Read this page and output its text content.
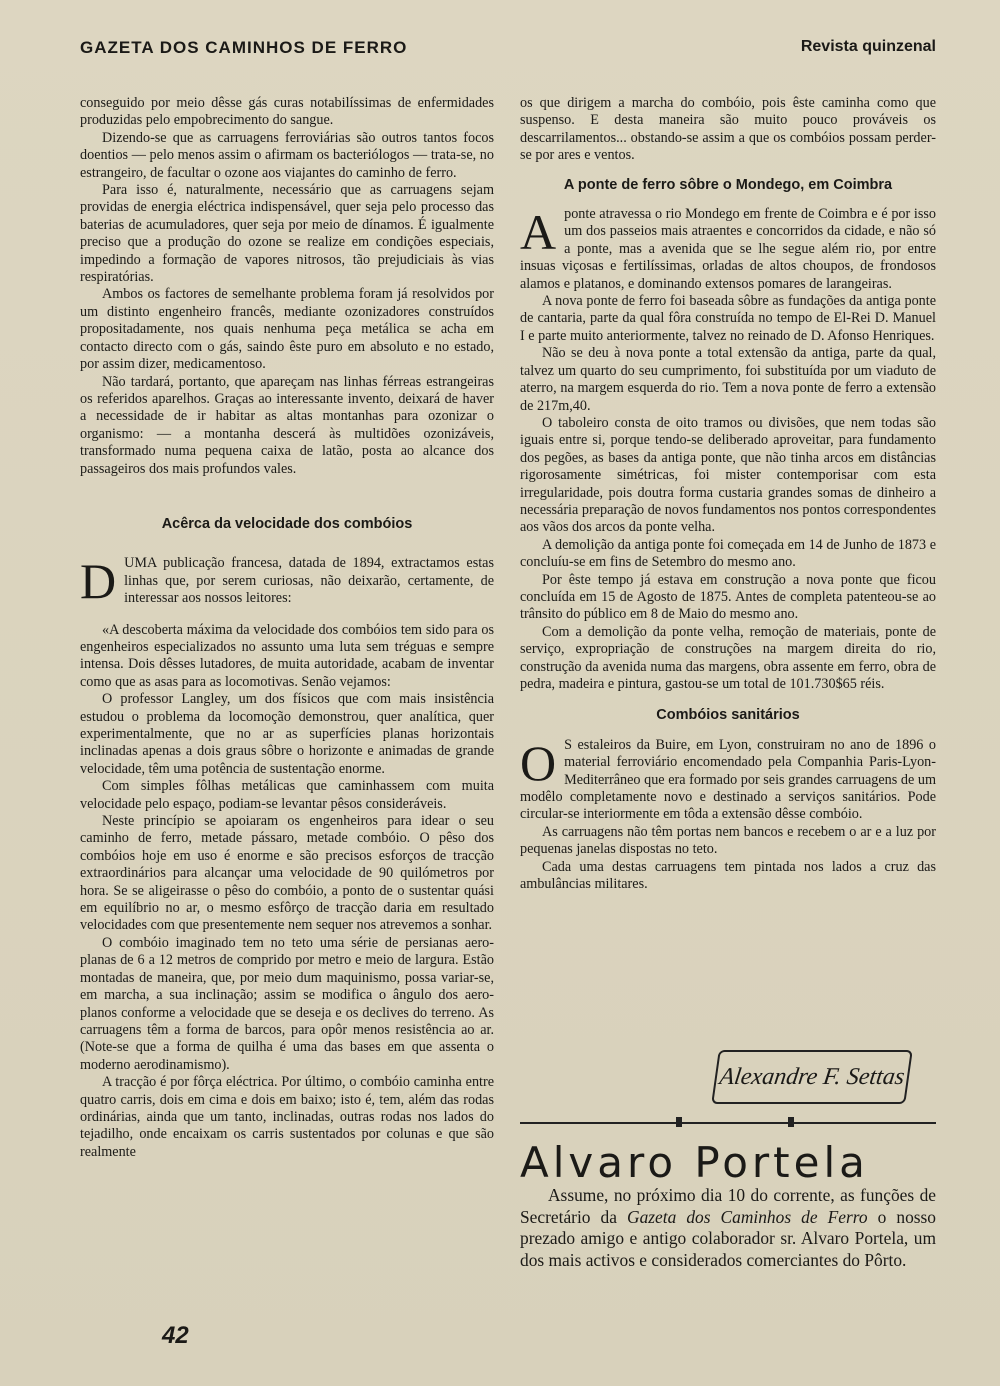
GAZETA DOS CAMINHOS DE FERRO	Revista quinzenal

conseguido por meio dêsse gás curas notabilíssimas de enfermidades produzidas pelo empobrecimento do sangue.

Dizendo-se que as carruagens ferroviárias são outros tantos focos doentios — pelo menos assim o afirmam os bacteriólogos — trata-se, no estrangeiro, de facultar o ozone aos viajantes do caminho de ferro.

Para isso é, naturalmente, necessário que as carruagens sejam providas de energia eléctrica indispensável, quer seja pelo processo das baterias de acumuladores, quer seja por meio de dínamos. É igualmente preciso que a produção do ozone se realize em condições especiais, impedindo a formação de vapores nitrosos, tão prejudiciais às vias respiratórias.

Ambos os factores de semelhante problema foram já resolvidos por um distinto engenheiro francês, mediante ozonizadores construídos propositadamente, nos quais nenhuma peça metálica se acha em contacto directo com o gás, saindo êste puro em absoluto e no estado, por assim dizer, medicamentoso.

Não tardará, portanto, que apareçam nas linhas férreas estrangeiras os referidos aparelhos. Graças ao interessante invento, deixará de haver a necessidade de ir habitar as altas montanhas para ozonizar o organismo: — a montanha descerá às multidões ozonizáveis, transformado numa pequena caixa de latão, posta ao alcance dos passageiros dos mais profundos vales.

Acêrca da velocidade dos combóios
D UMA publicação francesa, datada de 1894, extractamos estas linhas que, por serem curiosas, não deixarão, certamente, de interessar aos nossos leitores:

«A descoberta máxima da velocidade dos combóios tem sido para os engenheiros especializados no assunto uma luta sem tréguas e sempre intensa. Dois dêsses lutadores, de muita autoridade, acabam de inventar como que as asas para as locomotivas. Senão vejamos:

O professor Langley, um dos físicos que com mais insistência estudou o problema da locomoção demonstrou, quer analítica, quer experimentalmente, que no ar as superfícies planas horizontais inclinadas apenas a dois graus sôbre o horizonte e animadas de grande velocidade, têm uma potência de sustentação enorme.

Com simples fôlhas metálicas que caminhassem com muita velocidade pelo espaço, podiam-se levantar pêsos consideráveis.

Neste princípio se apoiaram os engenheiros para idear o seu caminho de ferro, metade pássaro, metade combóio. O pêso dos combóios hoje em uso é enorme e são precisos esforços de tracção extraordinários para alcançar uma velocidade de 90 quilómetros por hora. Se se aligeirasse o pêso do combóio, a ponto de o sustentar quási em equilíbrio no ar, o mesmo esfôrço de tracção daria em resultado velocidades com que presentemente nem sequer nos atrevemos a sonhar.

O combóio imaginado tem no teto uma série de persianas aero-planas de 6 a 12 metros de comprido por metro e meio de largura. Estão montadas de maneira, que, por meio dum maquinismo, possa variar-se, em marcha, a sua inclinação; assim se modifica o ângulo dos aero-planos conforme a velocidade que se deseja e os declives do terreno. As carruagens têm a forma de barcos, para opôr menos resistência ao ar. (Note-se que a forma de quilha é uma das bases em que assenta o moderno aerodinamismo).

A tracção é por fôrça eléctrica. Por último, o combóio caminha entre quatro carris, dois em cima e dois em baixo; isto é, tem, além das rodas ordinárias, ainda que um tanto, inclinadas, outras rodas nos lados do tejadilho, onde encaixam os carris sustentados por colunas e que são realmente

os que dirigem a marcha do combóio, pois êste caminha como que suspenso. E desta maneira são muito pouco prováveis os descarrilamentos... obstando-se assim a que os combóios possam perder-se por ares e ventos.

A ponte de ferro sôbre o Mondego, em Coimbra
A ponte atravessa o rio Mondego em frente de Coimbra e é por isso um dos passeios mais atraentes e concorridos da cidade, e não só a ponte, mas a avenida que se lhe segue além rio, por entre insuas viçosas e fertilíssimas, orladas de altos choupos, de frondosos alamos e platanos, e dominando extensos pomares de larangeiras.

A nova ponte de ferro foi baseada sôbre as fundações da antiga ponte de cantaria, parte da qual fôra construída no tempo de El-Rei D. Manuel I e parte muito anteriormente, talvez no reinado de D. Afonso Henriques.

Não se deu à nova ponte a total extensão da antiga, parte da qual, talvez um quarto do seu cumprimento, foi substituída por um viaduto de aterro, na margem esquerda do rio. Tem a nova ponte de ferro a extensão de 217m,40.

O taboleiro consta de oito tramos ou divisões, que nem todas são iguais entre si, porque tendo-se deliberado aproveitar, para fundamento dos pegões, as bases da antiga ponte, que não tinha arcos em distâncias rigorosamente simétricas, foi mister contemporisar com esta irregularidade, pois doutra forma custaria grandes somas de dinheiro a necessária preparação de novos fundamentos nos pontos correspondentes aos vãos dos arcos da ponte velha.

A demolição da antiga ponte foi começada em 14 de Junho de 1873 e concluíu-se em fins de Setembro do mesmo ano.

Por êste tempo já estava em construção a nova ponte que ficou concluída em 15 de Agosto de 1875. Antes de completa patenteou-se ao trânsito do público em 8 de Maio do mesmo ano.

Com a demolição da ponte velha, remoção de materiais, ponte de serviço, expropriação de construções na margem direita do rio, construção da avenida numa das margens, obra assente em ferro, obra de pedra, madeira e pintura, gastou-se um total de 101.730$65 réis.

Combóios sanitários
O S estaleiros da Buire, em Lyon, construiram no ano de 1896 o material ferroviário encomendado pela Companhia Paris-Lyon-Mediterrâneo que era formado por seis grandes carruagens de um modêlo completamente novo e destinado a serviços sanitários. Pode circular-se interiormente em tôda a extensão dêsse combóio.

As carruagens não têm portas nem bancos e recebem o ar e a luz por pequenas janelas dispostas no teto.

Cada uma destas carruagens tem pintada nos lados a cruz das ambulâncias militares.

Alexandre F. Settas
Alvaro Portela

Assume, no próximo dia 10 do corrente, as funções de Secretário da Gazeta dos Caminhos de Ferro o nosso prezado amigo e antigo colaborador sr. Alvaro Portela, um dos mais activos e considerados comerciantes do Pôrto.

42
